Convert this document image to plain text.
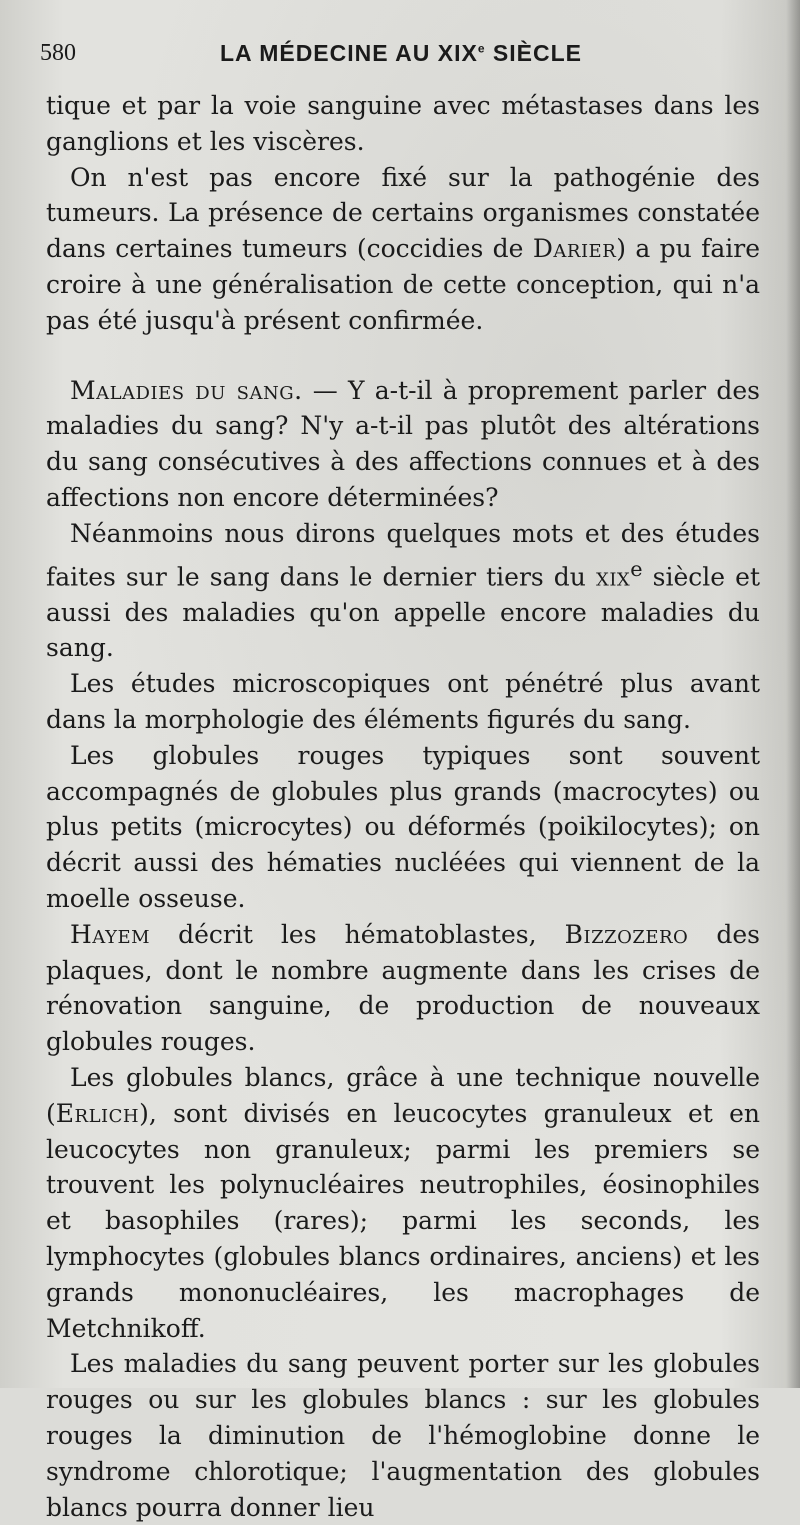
580	LA MÉDECINE AU XIXe SIÈCLE

tique et par la voie sanguine avec métastases dans les ganglions et les viscères.

On n'est pas encore fixé sur la pathogénie des tumeurs. La présence de certains organismes constatée dans certaines tumeurs (coccidies de Darier) a pu faire croire à une généralisation de cette conception, qui n'a pas été jusqu'à présent confirmée.

Maladies du sang. — Y a-t-il à proprement parler des maladies du sang? N'y a-t-il pas plutôt des altérations du sang consécutives à des affections connues et à des affections non encore déterminées?

Néanmoins nous dirons quelques mots et des études faites sur le sang dans le dernier tiers du xix$^e$ siècle et aussi des maladies qu'on appelle encore maladies du sang.

Les études microscopiques ont pénétré plus avant dans la morphologie des éléments figurés du sang.

Les globules rouges typiques sont souvent accompagnés de globules plus grands (macrocytes) ou plus petits (microcytes) ou déformés (poikilocytes); on décrit aussi des hématies nucléées qui viennent de la moelle osseuse.

Hayem décrit les hématoblastes, Bizzozero des plaques, dont le nombre augmente dans les crises de rénovation sanguine, de production de nouveaux globules rouges.

Les globules blancs, grâce à une technique nouvelle (Erlich), sont divisés en leucocytes granuleux et en leucocytes non granuleux; parmi les premiers se trouvent les polynucléaires neutrophiles, éosinophiles et basophiles (rares); parmi les seconds, les lymphocytes (globules blancs ordinaires, anciens) et les grands mononucléaires, les macrophages de Metchnikoff.

Les maladies du sang peuvent porter sur les globules rouges ou sur les globules blancs : sur les globules rouges la diminution de l'hémoglobine donne le syndrome chlorotique; l'augmentation des globules blancs pourra donner lieu
